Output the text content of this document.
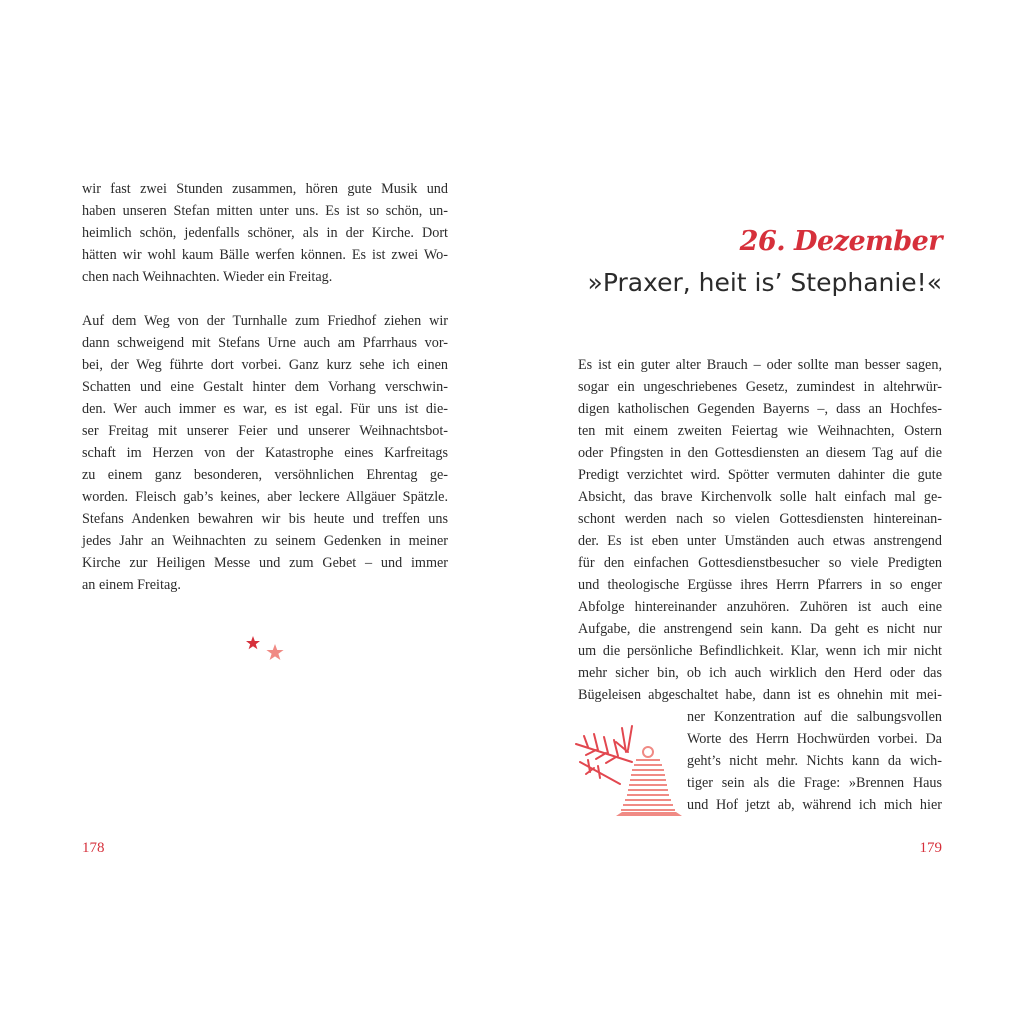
wir fast zwei Stunden zusammen, hören gute Musik und
haben unseren Stefan mitten unter uns. Es ist so schön, un-
heimlich schön, jedenfalls schöner, als in der Kirche. Dort
hätten wir wohl kaum Bälle werfen können. Es ist zwei Wo-
chen nach Weihnachten. Wieder ein Freitag.
Auf dem Weg von der Turnhalle zum Friedhof ziehen wir
dann schweigend mit Stefans Urne auch am Pfarrhaus vor-
bei, der Weg führte dort vorbei. Ganz kurz sehe ich einen
Schatten und eine Gestalt hinter dem Vorhang verschwin-
den. Wer auch immer es war, es ist egal. Für uns ist die-
ser Freitag mit unserer Feier und unserer Weihnachtsbot-
schaft im Herzen von der Katastrophe eines Karfreitags
zu einem ganz besonderen, versöhnlichen Ehrentag ge-
worden. Fleisch gab’s keines, aber leckere Allgäuer Spätzle.
Stefans Andenken bewahren wir bis heute und treffen uns
jedes Jahr an Weihnachten zu seinem Gedenken in meiner
Kirche zur Heiligen Messe und zum Gebet – und immer
an einem Freitag.
178
26. Dezember
»Praxer, heit is’ Stephanie!«
Es ist ein guter alter Brauch – oder sollte man besser sagen,
sogar ein ungeschriebenes Gesetz, zumindest in altehrwür-
digen katholischen Gegenden Bayerns –, dass an Hochfes-
ten mit einem zweiten Feiertag wie Weihnachten, Ostern
oder Pfingsten in den Gottesdiensten an diesem Tag auf die
Predigt verzichtet wird. Spötter vermuten dahinter die gute
Absicht, das brave Kirchenvolk solle halt einfach mal ge-
schont werden nach so vielen Gottesdiensten hintereinan-
der. Es ist eben unter Umständen auch etwas anstrengend
für den einfachen Gottesdienstbesucher so viele Predigten
und theologische Ergüsse ihres Herrn Pfarrers in so enger
Abfolge hintereinander anzuhören. Zuhören ist auch eine
Aufgabe, die anstrengend sein kann. Da geht es nicht nur
um die persönliche Befindlichkeit. Klar, wenn ich mir nicht
mehr sicher bin, ob ich auch wirklich den Herd oder das
Bügeleisen abgeschaltet habe, dann ist es ohnehin mit mei-
ner Konzentration auf die salbungsvollen
Worte des Herrn Hochwürden vorbei. Da
geht’s nicht mehr. Nichts kann da wich-
tiger sein als die Frage: »Brennen Haus
und Hof jetzt ab, während ich mich hier
179
